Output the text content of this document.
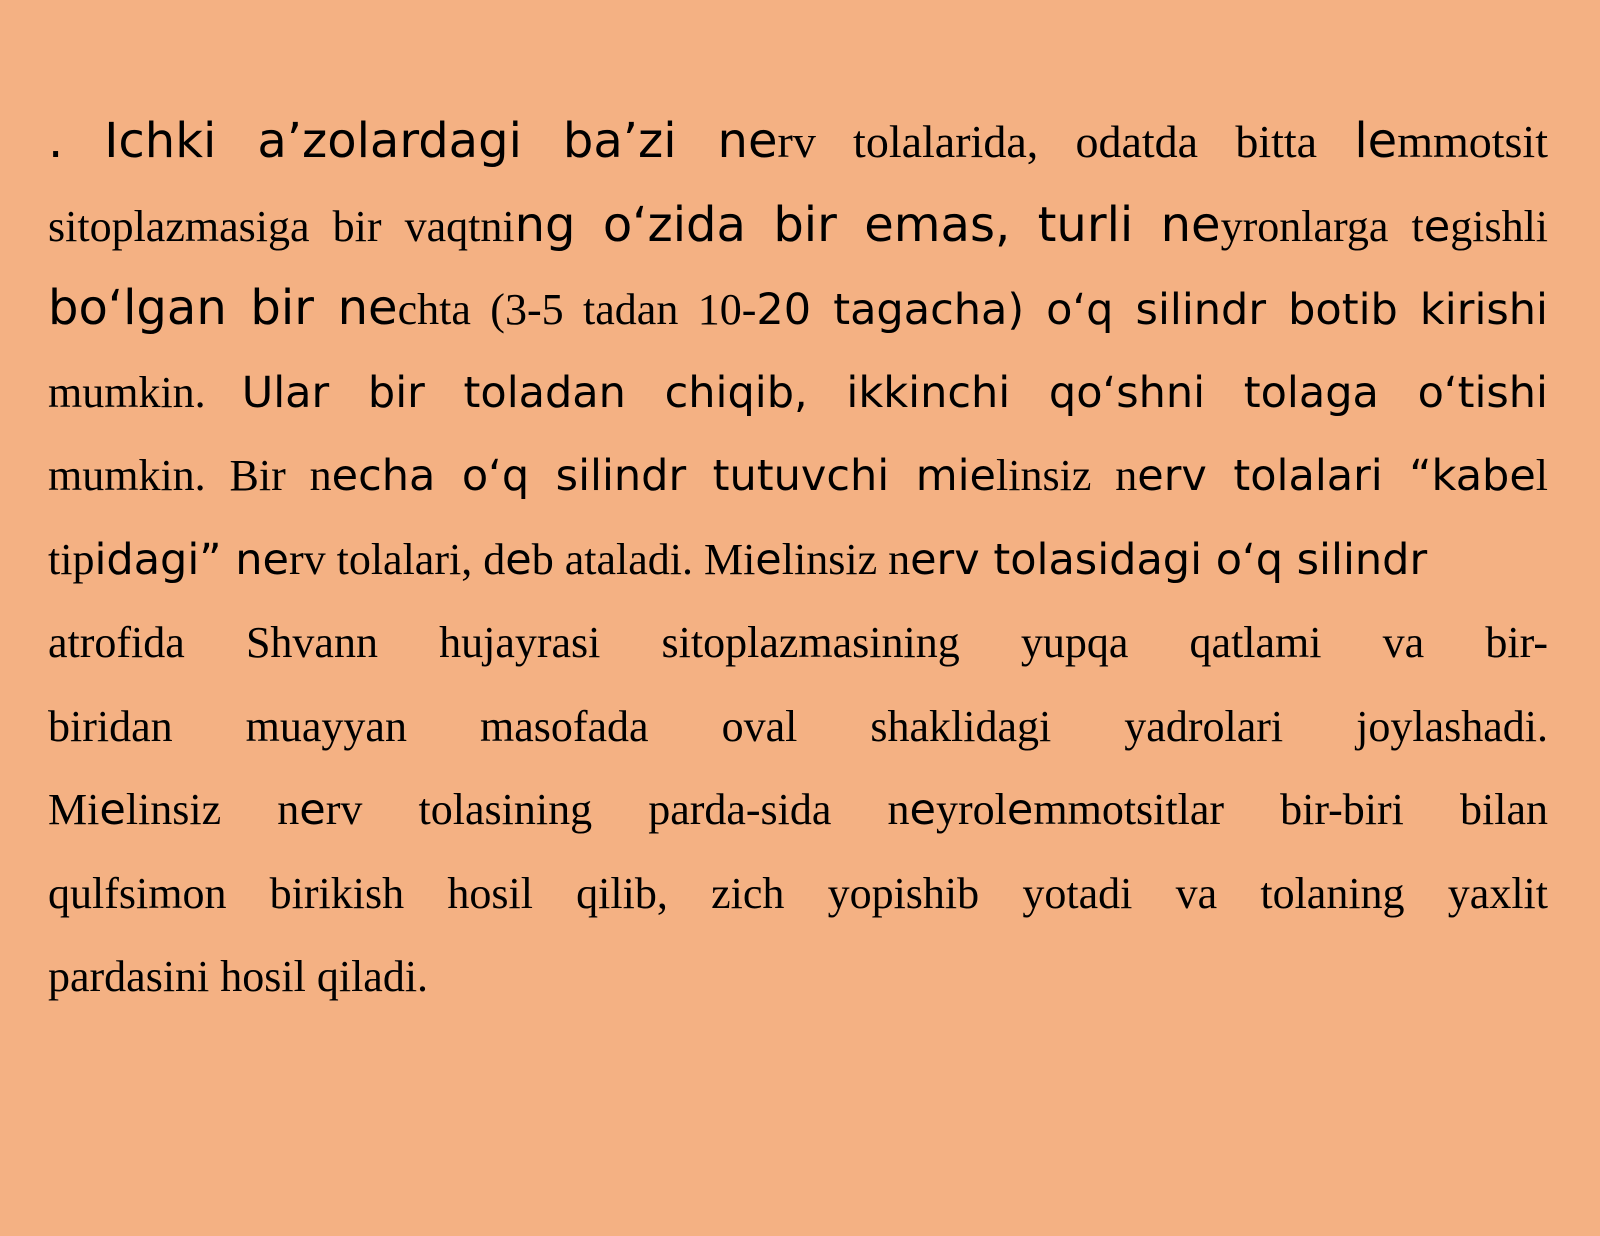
. Ichki a’zolardagi ba’zi nerv tolalarida, odatda bitta lemmotsit
sitoplazmasiga bir vaqtning o‘zida bir emas, turli neyronlarga tegishli
bo‘lgan bir nechta (3-5 tadan 10-20 tagacha) o‘q silindr botib kirishi
mumkin. Ular bir toladan chiqib, ikkinchi qo‘shni tolaga o‘tishi
mumkin. Bir necha o‘q silindr tutuvchi mielinsiz nerv tolalari “kabel
tipidagi” nerv tolalari, deb ataladi. Mielinsiz nerv tolasidagi o‘q silindr
atrofida Shvann hujayrasi sitoplazmasining yupqa qatlami va bir-
biridan muayyan masofada oval shaklidagi yadrolari joylashadi.
Mielinsiz nerv tolasining parda-sida neyrolemmotsitlar bir-biri bilan
qulfsimon birikish hosil qilib, zich yopishib yotadi va tolaning yaxlit
pardasini hosil qiladi.
